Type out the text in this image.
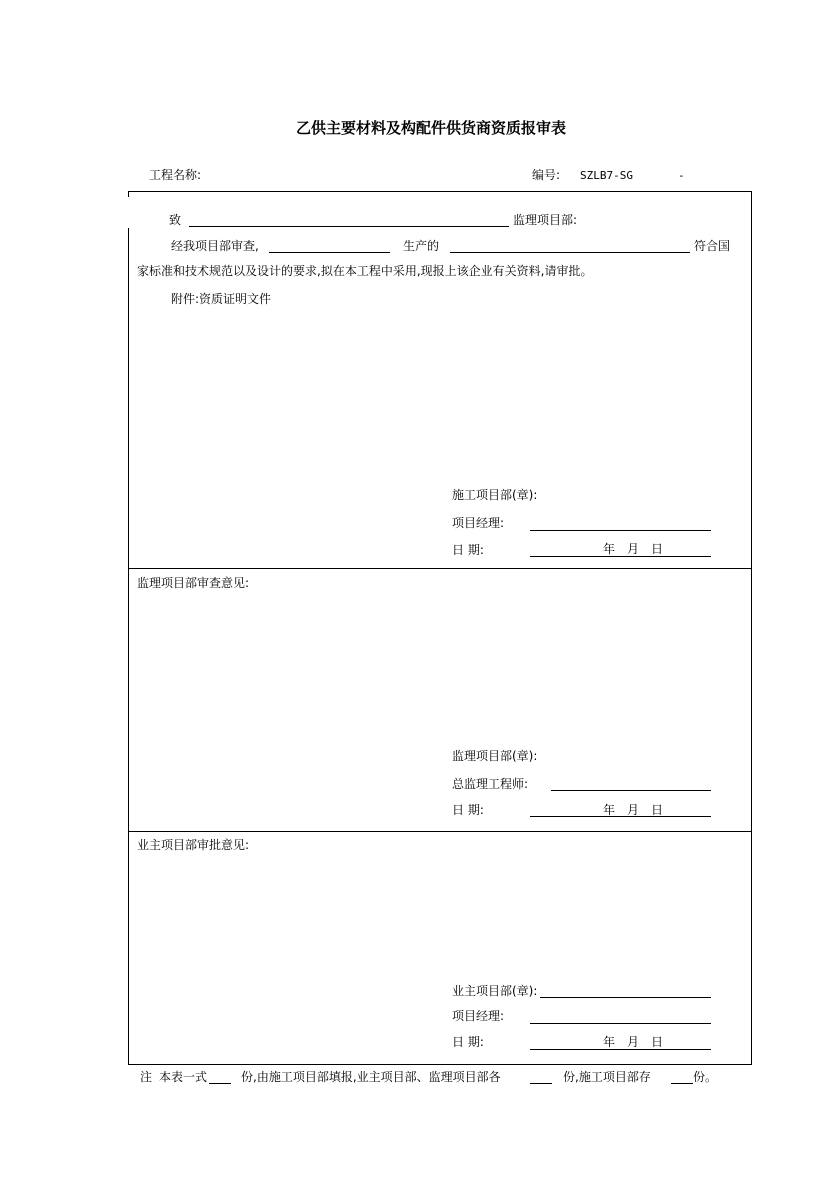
乙供主要材料及构配件供货商资质报审表
工程名称:	编号: SZLB7-SG	-
致	监理项目部:
经我项目部审查,	生产的	符合国
家标准和技术规范以及设计的要求,拟在本工程中采用,现报上该企业有关资料,请审批。
附件:资质证明文件
施工项目部(章):
项目经理:
日 期:	年 月 日
监理项目部审查意见:
监理项目部(章):
总监理工程师:
日 期:	年 月 日
业主项目部审批意见:
业主项目部(章):
项目经理:
日 期:	年 月 日
注 本表一式	份,由施工项目部填报,业主项目部、监理项目部各	份,施工项目部存	份。
